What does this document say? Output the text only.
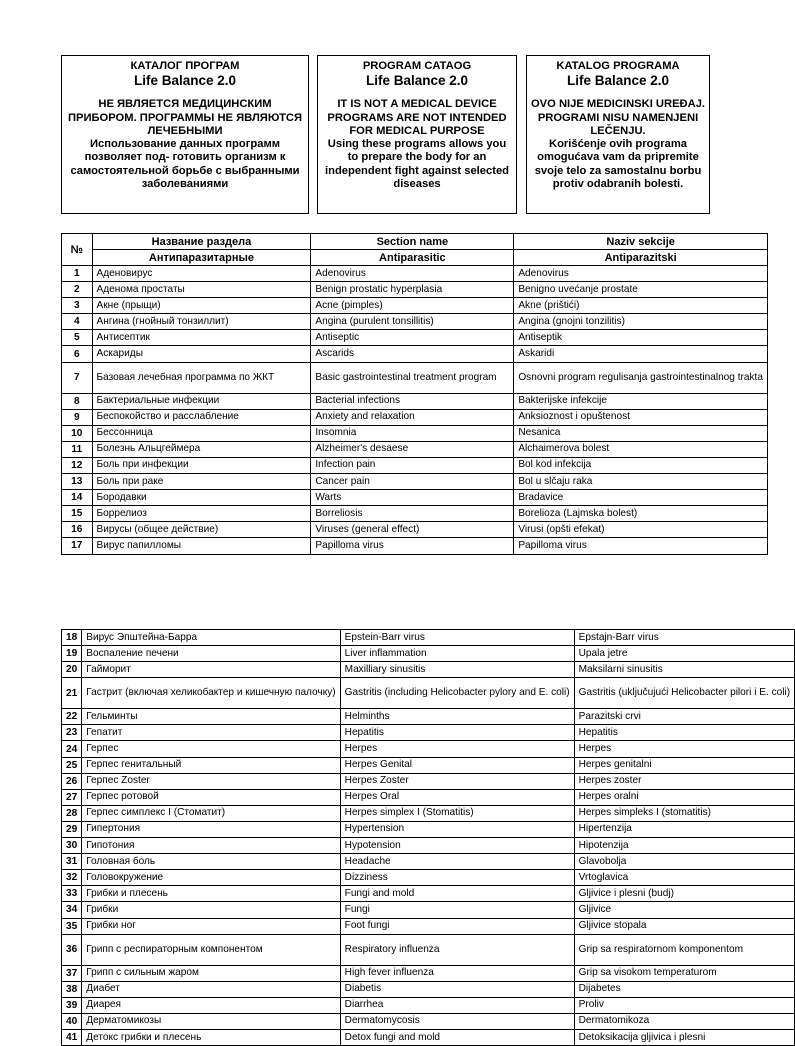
КАТАЛОГ ПРОГРАМ
Life Balance 2.0
НЕ ЯВЛЯЕТСЯ МЕДИЦИНСКИМ ПРИБОРОМ. ПРОГРАММЫ НЕ ЯВЛЯЮТСЯ ЛЕЧЕБНЫМИ
Использование данных программ позволяет под- готовить организм к самостоятельной борьбе с выбранными заболеваниями
PROGRAM CATAOG
Life Balance 2.0
IT IS NOT A MEDICAL DEVICE PROGRAMS ARE NOT INTENDED FOR MEDICAL PURPOSE
Using these programs allows you to prepare the body for an independent fight against selected diseases
KATALOG PROGRAMA
Life Balance 2.0
OVO NIJE MEDICINSKI UREĐAJ. PROGRAMI NISU NAMENJENI LEČENJU.
Korišćenje ovih programa omogućava vam da pripremite svoje telo za samostalnu borbu protiv odabranih bolesti.
№	Название раздела	Section name	Naziv sekcije
	Антипаразитарные	Antiparasitic	Antiparazitski
1	Аденовирус	Adenovirus	Adenovirus
2	Аденома простаты	Benign prostatic hyperplasia	Benigno uvećanje prostate
3	Акне (прыщи)	Acne (pimples)	Akne (prištići)
4	Ангина (гнойный тонзиллит)	Angina (purulent tonsillitis)	Angina (gnojni tonzilitis)
5	Антисептик	Antiseptic	Antiseptik
6	Аскариды	Ascarids	Askaridi
7	Базовая лечебная программа по ЖКТ	Basic gastrointestinal treatment program	Osnovni program regulisanja gastrointestinalnog trakta
8	Бактериальные инфекции	Bacterial infections	Bakterijske infekcije
9	Беспокойство и расслабление	Anxiety and relaxation	Anksioznost i opuštenost
10	Бессонница	Insomnia	Nesanica
11	Болезнь Альцгеймера	Alzheimer's desaese	Alchaimerova bolest
12	Боль при инфекции	Infection pain	Bol kod infekcija
13	Боль при раке	Cancer pain	Bol u slčaju raka
14	Бородавки	Warts	Bradavice
15	Боррелиоз	Borreliosis	Borelioza (Lajmska bolest)
16	Вирусы (общее действие)	Viruses (general effect)	Virusi (opšti efekat)
17	Вирус папилломы	Papilloma virus	Papilloma virus
18	Вирус Эпштейна-Барра	Epstein-Barr virus	Epstajn-Barr virus
19	Воспаление печени	Liver inflammation	Upala jetre
20	Гайморит	Maxilliary sinusitis	Maksilarni sinusitis
21	Гастрит (включая хеликобактер и кишечную палочку)	Gastritis (including Helicobacter pylory and E. coli)	Gastritis (uključujući Helicobacter pilori i E. coli)
22	Гельминты	Helminths	Parazitski crvi
23	Гепатит	Hepatitis	Hepatitis
24	Герпес	Herpes	Herpes
25	Герпес генитальный	Herpes Genital	Herpes genitalni
26	Герпес Zoster	Herpes Zoster	Herpes zoster
27	Герпес ротовой	Herpes Oral	Herpes oralni
28	Герпес симплекс I (Стоматит)	Herpes simplex I (Stomatitis)	Herpes simpleks I (stomatitis)
29	Гипертония	Hypertension	Hipertenzija
30	Гипотония	Hypotension	Hipotenzija
31	Головная боль	Headache	Glavobolja
32	Головокружение	Dizziness	Vrtoglavica
33	Грибки и плесень	Fungi and mold	Gljivice i plesni (budj)
34	Грибки	Fungi	Gljivice
35	Грибки ног	Foot fungi	Gljivice stopala
36	Грипп с респираторным компонентом	Respiratory influenza	Grip sa respiratornom komponentom
37	Грипп с сильным жаром	High fever influenza	Grip sa visokom temperaturom
38	Диабет	Diabetis	Dijabetes
39	Диарея	Diarrhea	Proliv
40	Дерматомикозы	Dermatomycosis	Dermatomikoza
41	Детокс грибки и плесень	Detox fungi and mold	Detoksikacija gljivica i plesni
